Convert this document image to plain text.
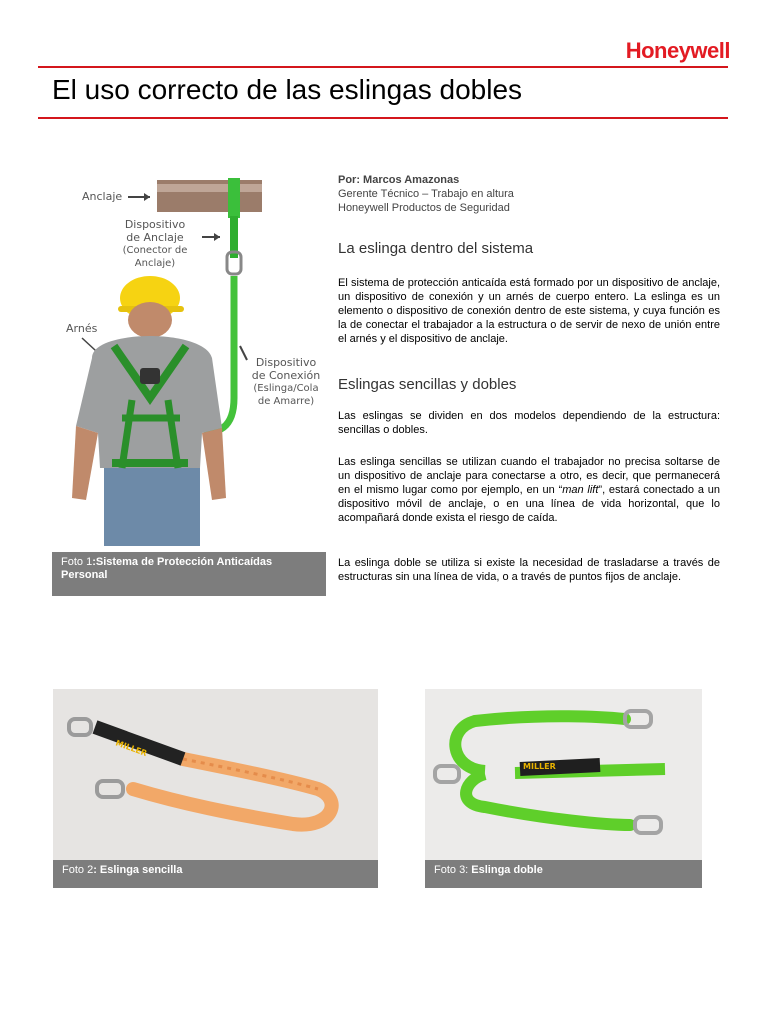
Honeywell
El uso correcto de las eslingas dobles
Anclaje
Dispositivo
de Anclaje
(Conector de
Anclaje)
Arnés
Dispositivo
de Conexión
(Eslinga/Cola
de Amarre)
Foto 1:Sistema de Protección Anticaídas Personal
Por: Marcos Amazonas
Gerente Técnico – Trabajo en altura
Honeywell Productos de Seguridad
La eslinga dentro del sistema

El sistema de protección anticaída está formado por un dispositivo de anclaje, un dispositivo de conexión y un arnés de cuerpo entero. La eslinga es un elemento o dispositivo de conexión dentro de este sistema, y cuya función es la de conectar el trabajador a la estructura o de servir de nexo de unión entre el arnés y el dispositivo de anclaje.

Eslingas sencillas y dobles

Las eslingas se dividen en dos modelos dependiendo de la estructura: sencillas o dobles.

Las eslinga sencillas se utilizan cuando el trabajador no precisa soltarse de un dispositivo de anclaje para conectarse a otro, es decir, que permanecerá en el mismo lugar como por ejemplo, en un “man lift”, estará conectado a un dispositivo móvil de anclaje, o en una línea de vida horizontal, que lo acompañará donde exista el riesgo de caída.

La eslinga doble se utiliza si existe la necesidad de trasladarse a través de estructuras sin una línea de vida, o a través de puntos fijos de anclaje.

MILLER
Foto 2: Eslinga sencilla
MILLER
Foto 3: Eslinga doble
